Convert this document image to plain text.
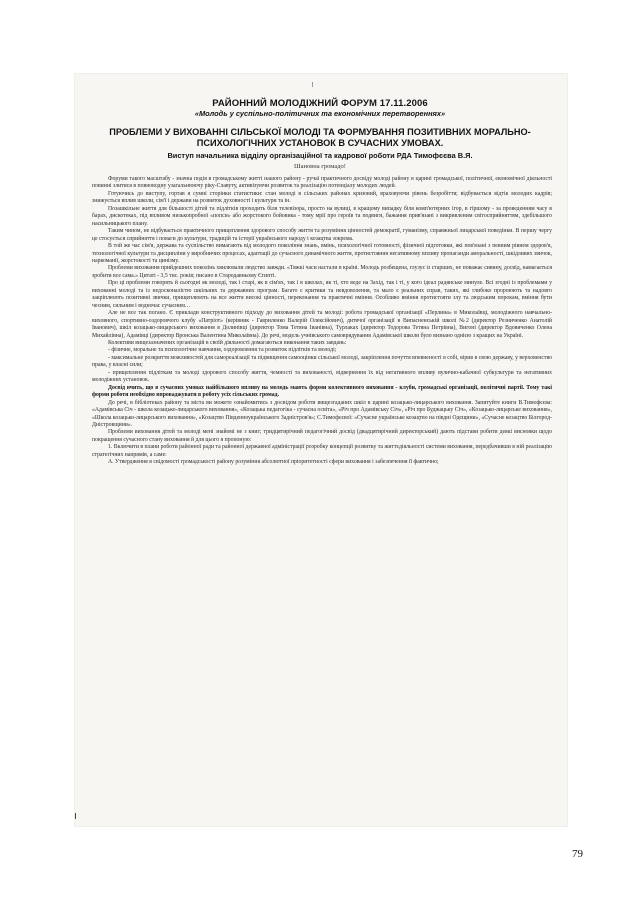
РАЙОННИЙ МОЛОДІЖНИЙ ФОРУМ 17.11.2006
«Молодь у суспільно-політичних та економічних перетвореннях»
ПРОБЛЕМИ У ВИХОВАННІ СІЛЬСЬКОЇ МОЛОДІ ТА ФОРМУВАННЯ ПОЗИТИВНИХ МОРАЛЬНО-
ПСИХОЛОГІЧНИХ УСТАНОВОК В СУЧАСНИХ УМОВАХ.
Виступ начальника відділу організаційної та кадрової роботи РДА Тимофєєва В.Я.
Шановна громадо!

Форуми такого масштабу - значна подія в громадському житті нашого району - ручаї практичного досвіду молоді району в царині громадської, політичної, економічної діяльності повинні злитися в повноводну узагальнюючу ріку-Славуту, активізуючи розвиток та реалізацію потенціалу молодих людей.

Готуючись до виступу, гортав я сумні сторінки статистики: стан молоді в сільських районах кризовий, враховуючи рівень безробіття; відбувається відтік молодих кадрів; знижується вплив школи, сім'ї і держави на розвиток духовності і культури та ін.

Позашкільне життя для більшості дітей та підлітків проходить біля телевізора, просто на вулиці, в кращому випадку біля комп'ютерних ігор, в гіршому - за проведенням часу в барах, дискотеках, під впливом низькопробної «попси» або жорстокого бойовика - тому мрії про героїв та подвиги, бажання прив'язані з викривленим світосприйняттям, здебільшого насильницького плану.

Таким чином, не відбувається практичного прищеплення здорового способу життя та розуміння цінностей демократії, гуманізму, справжньої лицарської поведінки. В першу чергу це стосується сприйняття і поваги до культури, традицій та історії українського народу і козацтва зокрема.

В той же час сім'я, держава та суспільство вимагають від молодого покоління знань, вмінь, психологічної готовності, фізичної підготовки, які пов'язані з певним рівнем здоров'я, технологічної культури та дисципліни у виробничих процесах, адаптації до сучасного динамічного життя, протистояння негативному впливу пропаганди аморальності, шкідливих звичок, наркоманії, жорстокості та цинізму.

Проблеми виховання прийдешних поколінь хвилювали людство завжди. «Тяжкі часи настали в країні. Молодь розбещена, глузує із старших, не поважає сивину, досвід, намагається зробити все сама.» Цитаті - 3,5 тис. років; писано в Стародавньому Єгипті.

Про ці проблеми говорять й сьогодні як молоді, так і старі, як в сім'ях, так і в школах, як ті, хто веде на Захід, так і ті, у кого ідеал радянське минуле. Всі згодні із проблемами у вихованні молоді та із недосконалістю шкільних та державних програм. Багато є критики та невдоволення, та мало є реальних справ, таких, які глибоко пророюють та надовго закріплюють позитивні звички, прищеплюють на все життя високі цінності, переконання та практичні вміння. Особливо вміння протистояти злу та людським порокам, вміння бути чесним, сильним і водночас сучасним…

Але не все так погано. Є приклади конструктивного підходу до виховання дітей та молоді: робота громадської організації «Перлина» в Миколаївці, молодіжного навчально-виховного, спортивно-оздоровчого клубу «Патріот» (керівник - Гавриленко Валерій Олексійович), дитячої організації в Випасненській школі №2 (директор Резниченко Анатолій Іванович), шкіл козацько-лицарського виховання в Долинівці (директор Тома Тетяна Іванівна), Турлаках (директор Тодорова Тетяна Петрівна), Вигоні (директор Вдовиченко Олена Михайлівна), Адамівці (директор Вронська Валентина Миколаївна). До речі, модель учнівського самоврядування Адамівської школи було визнано однією з кращих на Україні.

Колективи вищезазначених організацій в своїй діяльності домагаються виконання таких завдань:

- фізичне, моральне та психологічне навчання, оздоровлення та розвиток підлітків та молоді;

- максимальне розкриття можливостей для самореалізації та підвищення самооцінки сільської молоді, закріплення почуття впевненості в собі, вірив в свою державу, у верховенство права, у власні сили;

- прищеплення підліткам та молоді здорового способу життя, чемності та вихованості, відвернення їх від негативного впливу вулично-кабачної субкультури та негативних молодіжних установок.

Досвід вчить, що в сучасних умовах найбільшого впливу на молодь мають форми колективного виховання - клуби, громадські організації, політичні партії. Тому такі форми роботи необхідно впроваджувати в роботу усіх сільських громад.

До речі, в бібліотеках району та міста ви можете ознайомитись з досвідом роботи вищезгаданих шкіл в царині козацько-лицарського виховання. Запитуйте книги В.Тимофєєва: «Адамівська Січ - школа козацько-лицарського виховання», «Козацька педагогіка - сучасна освіта», «Річ про Адамівську Січ», «Річ про Буджацьку Січ», «Козацько-лицарське виховання», «Школа козацько-лицарського виховання», «Козацтво Південноукраїнського Задністров'я»; С.Тимофєєвої: «Сучасне українське козацтво на півдні Одещини», «Сучасне козацтво Білгород-Дністровщини».

Проблеми виховання дітей та молоді мені знайомі не з книг; тридцятирічний педагогічний досвід (двадцятирічний директорський) дають підстави робити деякі висновки щодо покращення сучасного стану виховання й для цього я пропоную:

1. Включити в плани роботи районної ради та районної державної адміністрації розробку концепції розвитку та життєдіяльності системи виховання, передбачивши в ній реалізацію стратегічних напрямів, а саме:

А. Утвердження в свідомості громадськості району розуміння абсолютної пріоритетності сфери виховання і забезпечення її фактично;

79
